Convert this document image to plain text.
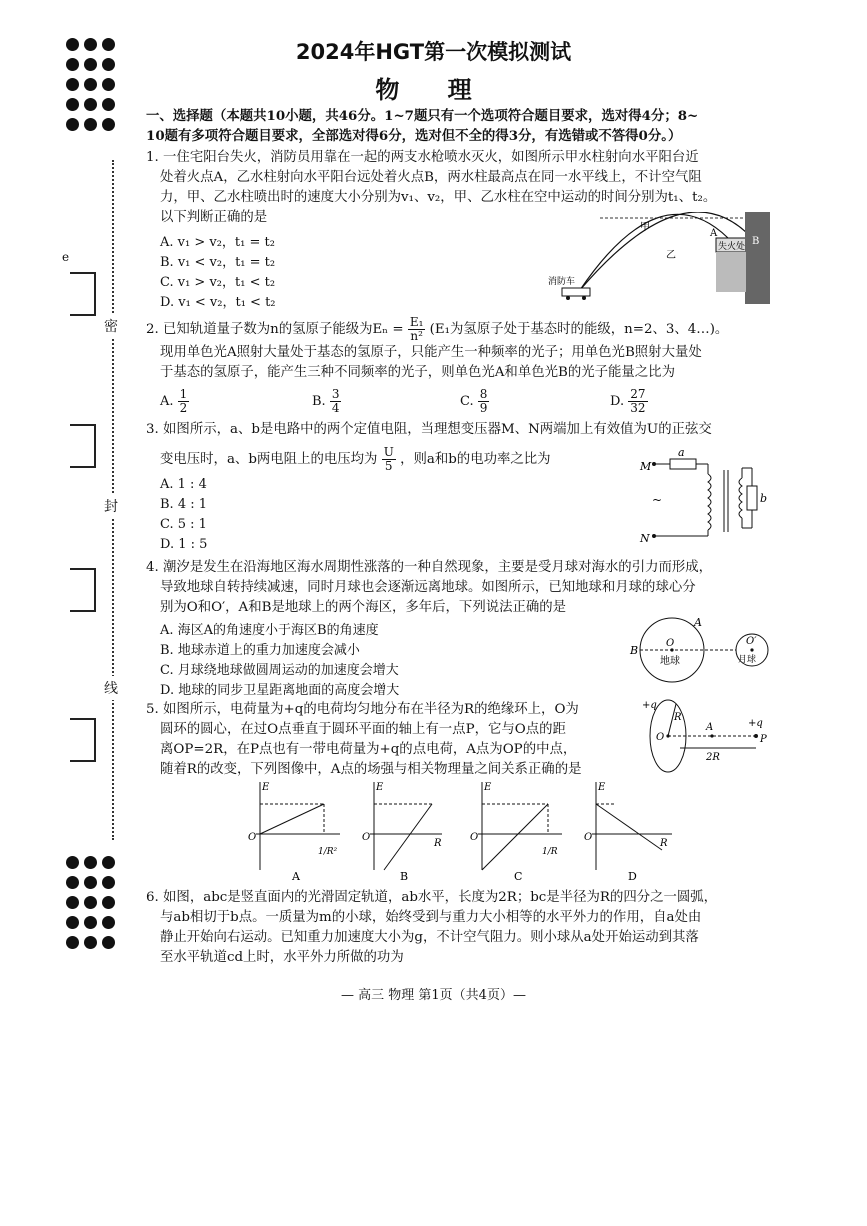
密
封
线
e
2024年HGT第一次模拟测试
物 理
一、选择题（本题共10小题，共46分。1~7题只有一个选项符合题目要求，选对得4分；8~
10题有多项符合题目要求，全部选对得6分，选对但不全的得3分，有选错或不答得0分。）
1. 一住宅阳台失火，消防员用靠在一起的两支水枪喷水灭火，如图所示甲水柱射向水平阳台近
处着火点A，乙水柱射向水平阳台远处着火点B，两水柱最高点在同一水平线上，不计空气阻
力，甲、乙水柱喷出时的速度大小分别为v₁、v₂，甲、乙水柱在空中运动的时间分别为t₁、t₂。
以下判断正确的是
A. v₁ > v₂，t₁ = t₂
B. v₁ < v₂，t₁ = t₂
C. v₁ > v₂，t₁ < t₂
D. v₁ < v₂，t₁ < t₂
甲
乙
A
B
失火处
消防车
2. 已知轨道量子数为n的氢原子能级为$E_n = \frac{\text{E₁}}{\text{n²}} (E_1$为氢原子处于基态时的能级，n=2、3、4…)。
现用单色光A照射大量处于基态的氢原子，只能产生一种频率的光子；用单色光B照射大量处
于基态的氢原子，能产生三种不同频率的光子，则单色光A和单色光B的光子能量之比为
A. $\frac{1}{2}$	B. $\frac{3}{4}$	C. $\frac{8}{9}$	D. $\frac{27}{32}$
3. 如图所示，a、b是电路中的两个定值电阻，当理想变压器M、N两端加上有效值为U的正弦交
变电压时，a、b两电阻上的电压均为 $\frac{U}{5}$ ，则a和b的电功率之比为
A. 1 : 4
B. 4 : 1
C. 5 : 1
D. 1 : 5
M
N
a
b
~
4. 潮汐是发生在沿海地区海水周期性涨落的一种自然现象，主要是受月球对海水的引力而形成，
导致地球自转持续减速，同时月球也会逐渐远离地球。如图所示，已知地球和月球的球心分
别为O和O′，A和B是地球上的两个海区，多年后，下列说法正确的是
A. 海区A的角速度小于海区B的角速度
B. 地球赤道上的重力加速度会减小
C. 月球绕地球做圆周运动的加速度会增大
D. 地球的同步卫星距离地面的高度会增大
B
A
O	O′
地球	月球
5. 如图所示，电荷量为+q的电荷均匀地分布在半径为R的绝缘环上，O为
圆环的圆心，在过O点垂直于圆环平面的轴上有一点P，它与O点的距
离OP=2R，在P点也有一带电荷量为+q的点电荷，A点为OP的中点，
随着R的改变，下列图像中，A点的场强与相关物理量之间关系正确的是
+q
R
O
A	+q
P
2R
E
O
1/R²
A
E
O
R
B
E
O
1/R
C
E
O
R
D
6. 如图，abc是竖直面内的光滑固定轨道，ab水平，长度为2R；bc是半径为R的四分之一圆弧，
与ab相切于b点。一质量为m的小球，始终受到与重力大小相等的水平外力的作用，自a处由
静止开始向右运动。已知重力加速度大小为g，不计空气阻力。则小球从a处开始运动到其落
至水平轨道cd上时，水平外力所做的功为
— 高三 物理 第1页（共4页）—
